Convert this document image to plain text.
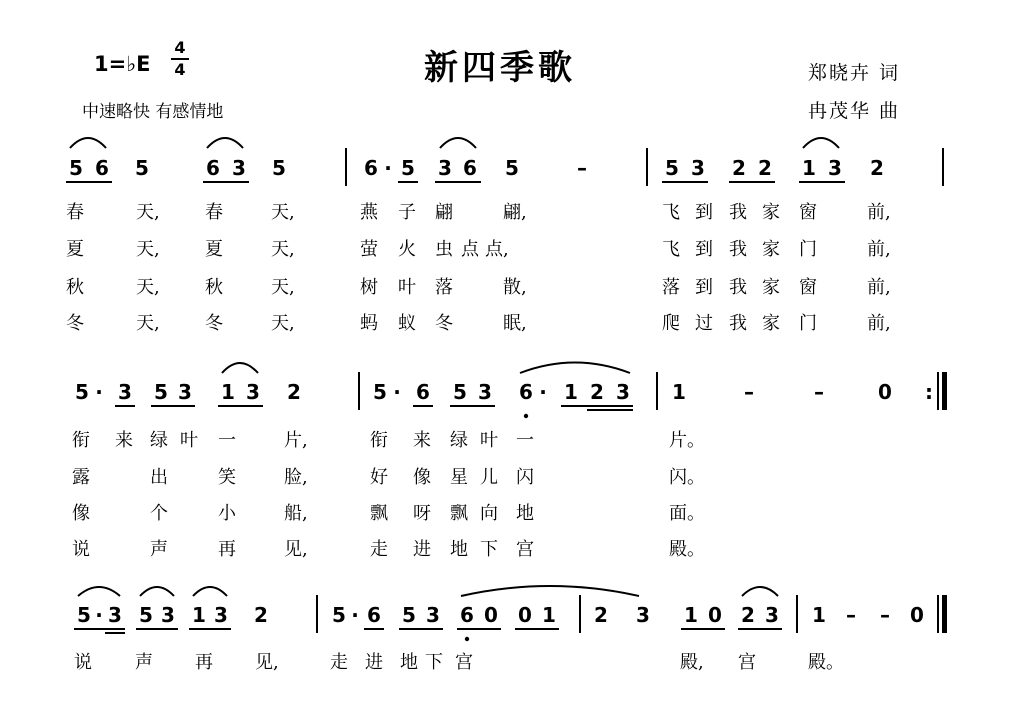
1=♭E $\frac{4}{4}$
中速略快 有感情地
新四季歌	郑晓卉 词
冉茂华 曲
5 6 5	6 3 5	6 · 5 3 6 5	–	5 3 2 2 1 3 2
春	天,	春	天,	燕 子 翩	翩,	飞 到 我 家 窗	前,
夏	天,	夏	天,	萤 火 虫 点 点,	飞 到 我 家 门	前,
秋	天,	秋	天,	树 叶 落	散,	落 到 我 家 窗	前,
冬	天,	冬	天,	蚂 蚁 冬	眠,	爬 过 我 家 门	前,
5 · 3 5 3 1 3 2	5 · 6 5 3 6 · 1 2 3 1	–	–	0	:
衔 来 绿 叶 一	片,	衔 来 绿 叶 一	片。
露	出	笑	脸,	好 像 星 儿 闪	闪。
像	个	小	船,	飘 呀 飘 向 地	面。
说	声	再	见,	走 进 地 下 宫	殿。
5 · 3 5 3 1 3 2	5 · 6 5 3 6 0 0 1 2 3 1 0 2 3 1	–	–	0
说 声 再 见,	走 进 地 下 宫	殿, 宫	殿。
